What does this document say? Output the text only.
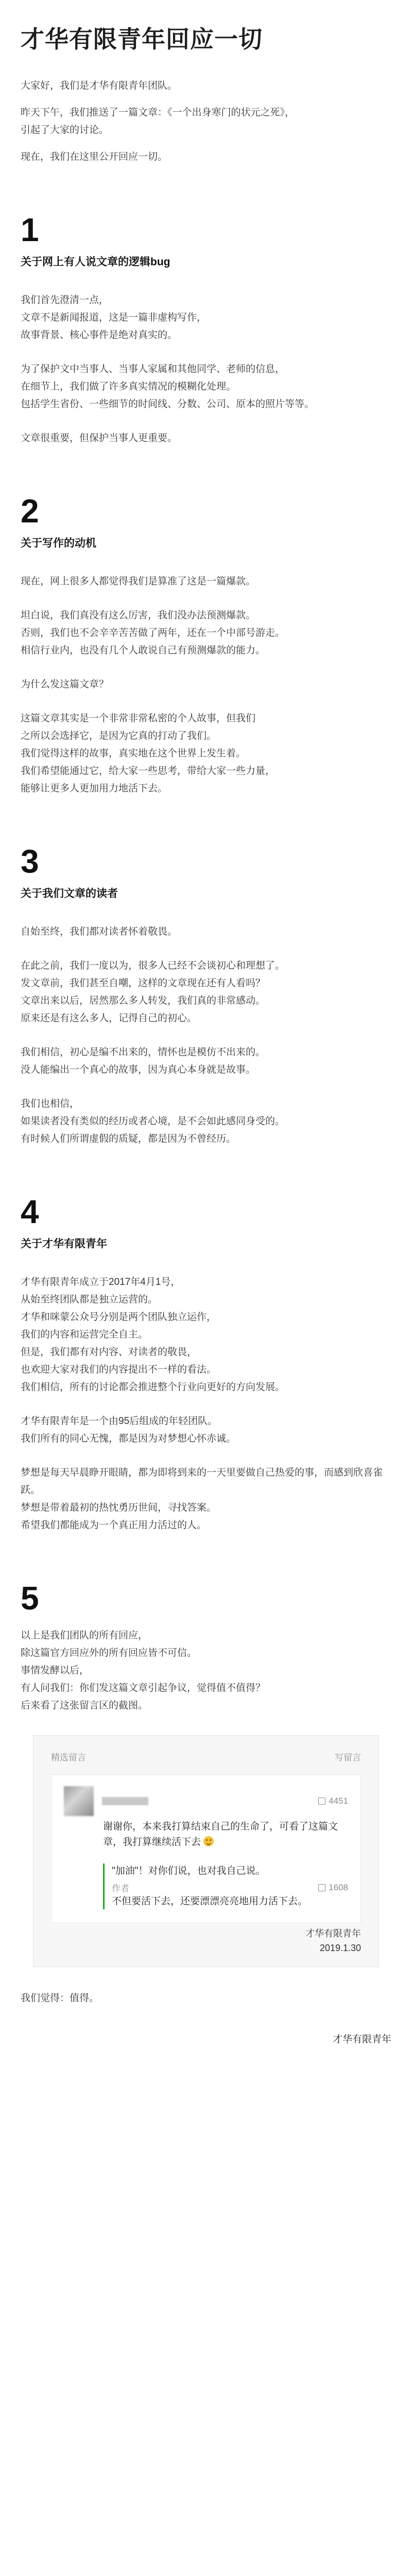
才华有限青年回应一切

大家好，我们是才华有限青年团队。

昨天下午，我们推送了一篇文章：《一个出身寒门的状元之死》，

引起了大家的讨论。

现在，我们在这里公开回应一切。

1
关于网上有人说文章的逻辑bug

我们首先澄清一点，

文章不是新闻报道，这是一篇非虚构写作，

故事背景、核心事件是绝对真实的。

为了保护文中当事人、当事人家属和其他同学、老师的信息，

在细节上，我们做了许多真实情况的模糊化处理。

包括学生省份、一些细节的时间线、分数、公司、原本的照片等等。

文章很重要，但保护当事人更重要。

2
关于写作的动机

现在，网上很多人都觉得我们是算准了这是一篇爆款。

坦白说，我们真没有这么厉害，我们没办法预测爆款。

否则，我们也不会辛辛苦苦做了两年，还在一个中部号游走。

相信行业内，也没有几个人敢说自己有预测爆款的能力。

为什么发这篇文章？

这篇文章其实是一个非常非常私密的个人故事，但我们

之所以会选择它，是因为它真的打动了我们。

我们觉得这样的故事，真实地在这个世界上发生着。

我们希望能通过它，给大家一些思考，带给大家一些力量，

能够让更多人更加用力地活下去。

3
关于我们文章的读者

自始至终，我们都对读者怀着敬畏。

在此之前，我们一度以为，很多人已经不会谈初心和理想了。

发文章前，我们甚至自嘲，这样的文章现在还有人看吗？

文章出来以后，居然那么多人转发，我们真的非常感动。

原来还是有这么多人，记得自己的初心。

我们相信，初心是编不出来的，情怀也是模仿不出来的。

没人能编出一个真心的故事，因为真心本身就是故事。

我们也相信，

如果读者没有类似的经历或者心境，是不会如此感同身受的。

有时候人们所谓虚假的质疑，都是因为不曾经历。

4
关于才华有限青年

才华有限青年成立于2017年4月1号，

从始至终团队都是独立运营的。

才华和咪蒙公众号分别是两个团队独立运作，

我们的内容和运营完全自主。

但是，我们都有对内容、对读者的敬畏，

也欢迎大家对我们的内容提出不一样的看法。

我们相信，所有的讨论都会推进整个行业向更好的方向发展。

才华有限青年是一个由95后组成的年轻团队。

我们所有的同心无愧，都是因为对梦想心怀赤诚。

梦想是每天早晨睁开眼睛，都为即将到来的一天里要做自己热爱的事，而感到欣喜雀跃。

梦想是带着最初的热忱勇历世间，寻找答案。

希望我们都能成为一个真正用力活过的人。

5

以上是我们团队的所有回应，

除这篇官方回应外的所有回应皆不可信。

事情发酵以后，

有人问我们：你们发这篇文章引起争议，觉得值不值得？

后来看了这张留言区的截图。

精选留言	写留言
4451
谢谢你，本来我打算结束自己的生命了，可看了这篇文章，我打算继续活下去
"加油"！对你们说，也对我自己说。
作者	1608
不但要活下去，还要漂漂亮亮地用力活下去。
才华有限青年
2019.1.30

我们觉得：值得。

才华有限青年
